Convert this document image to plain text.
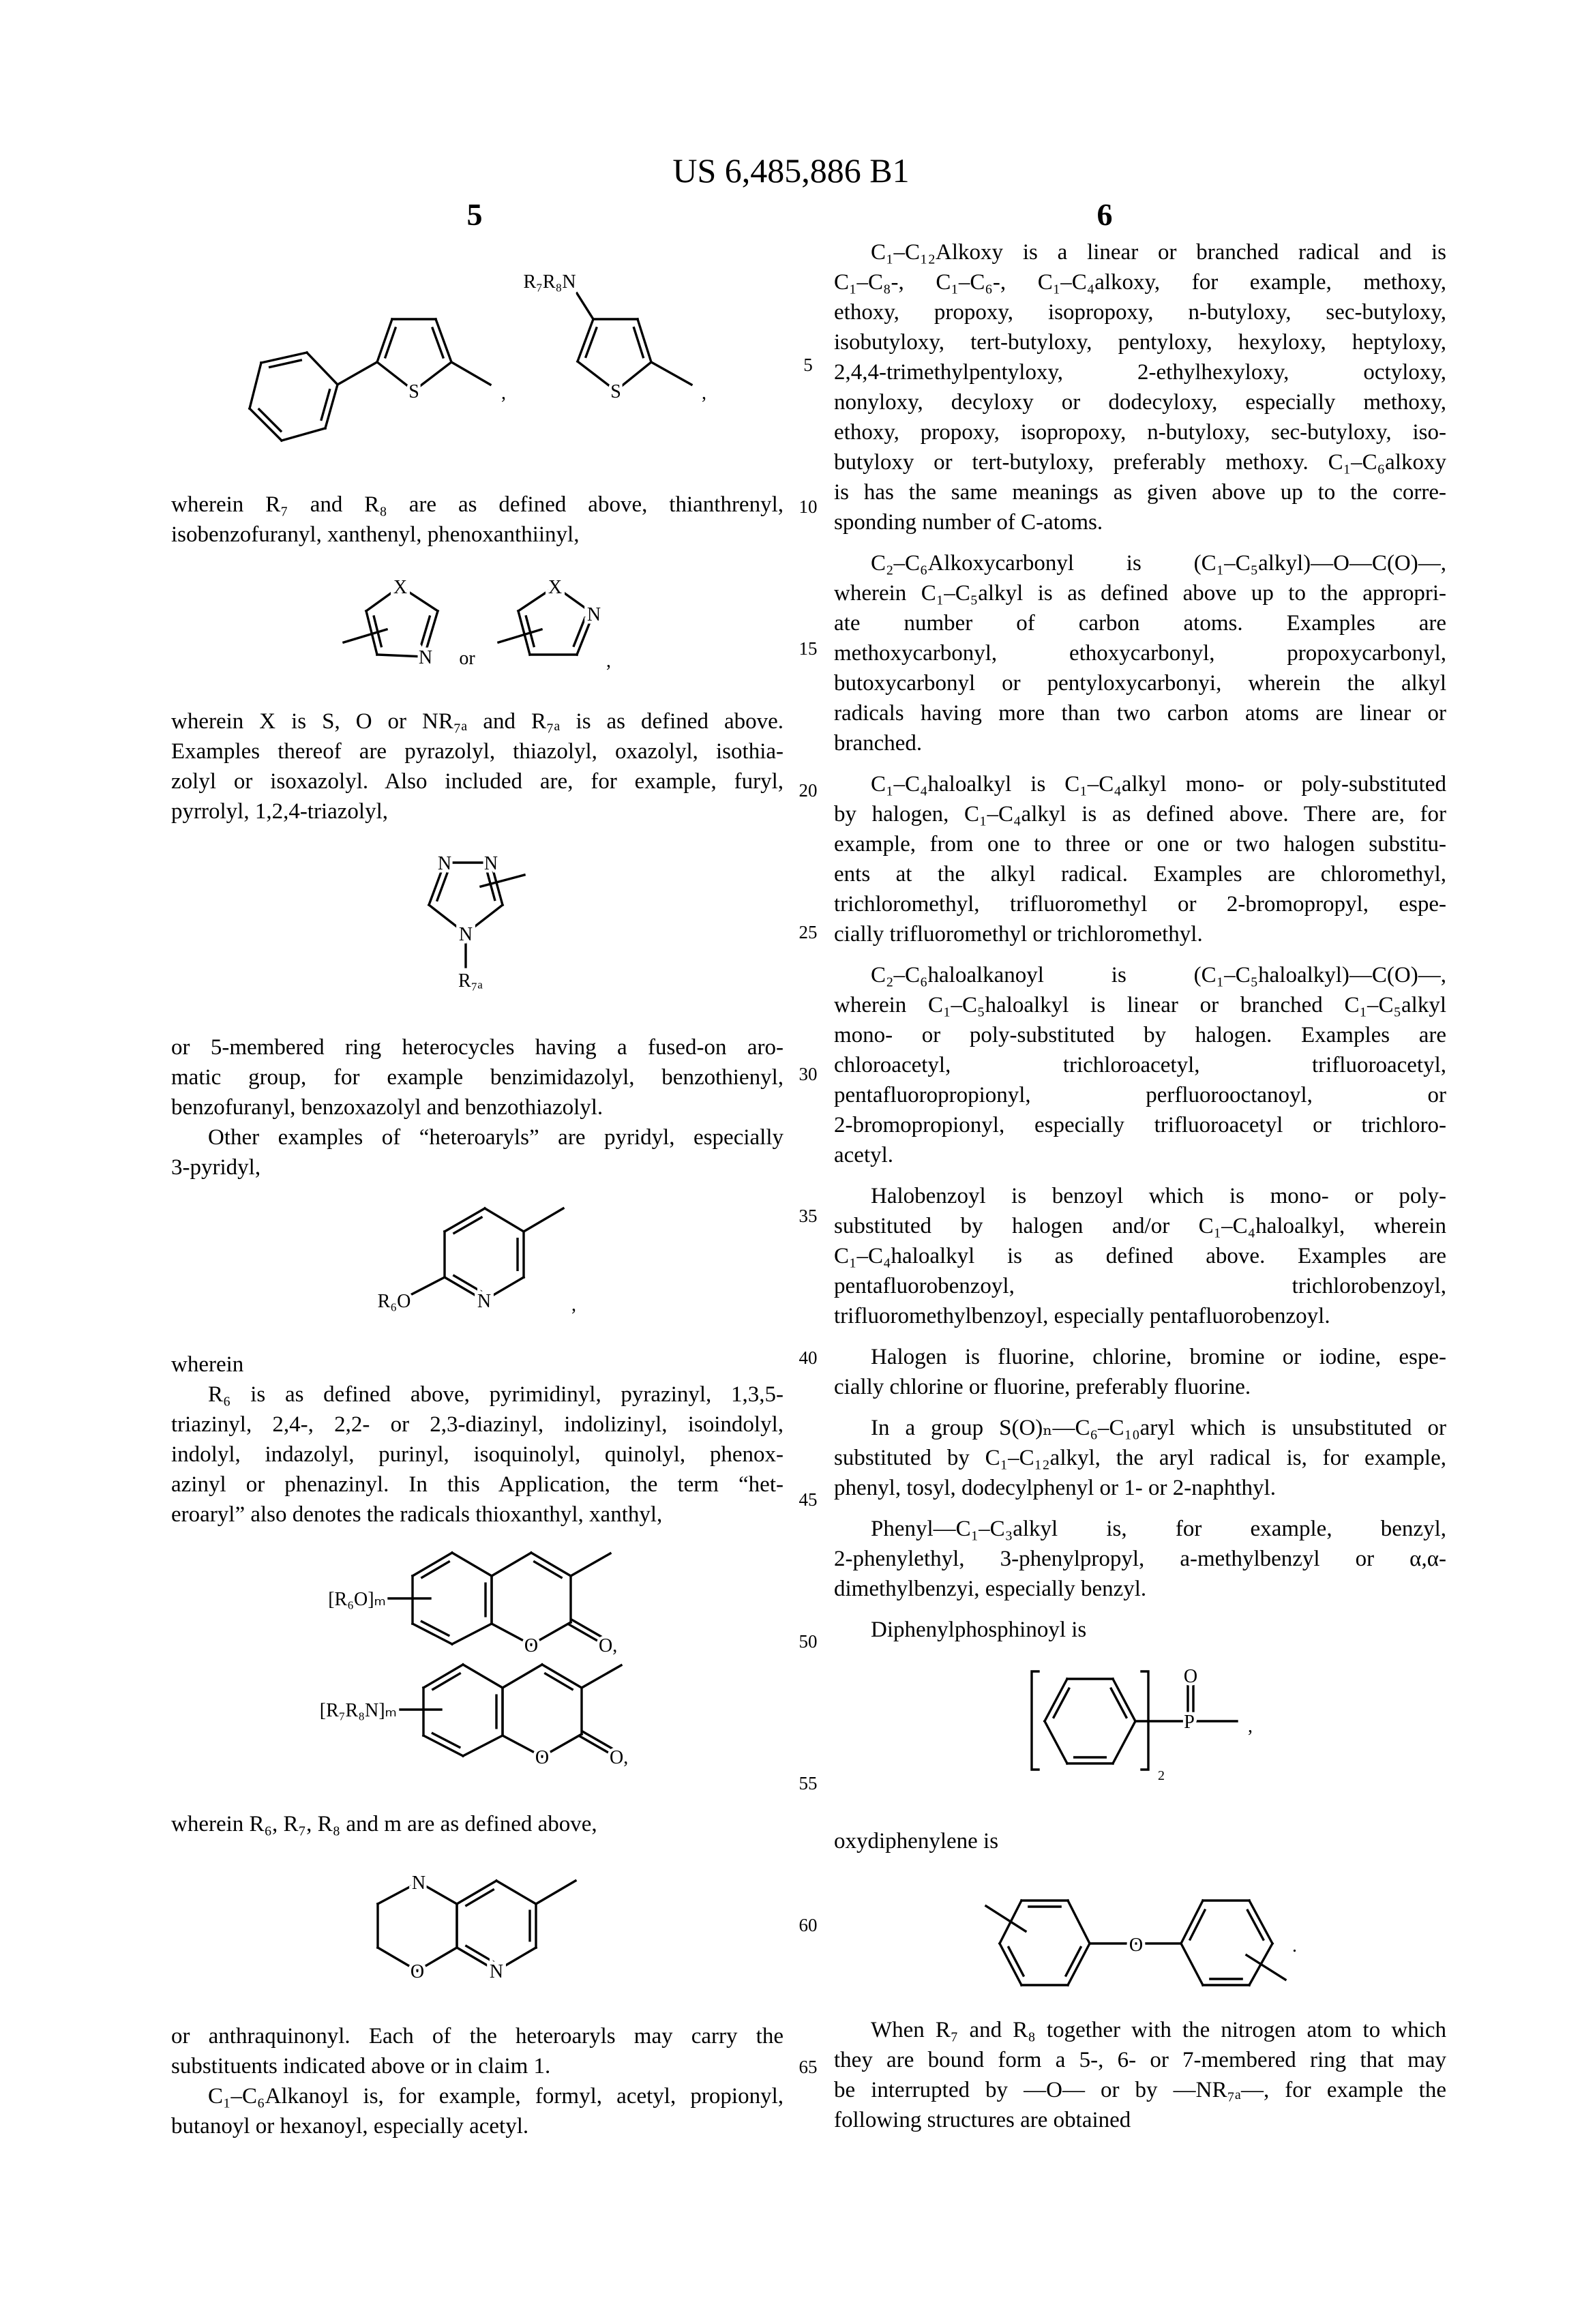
US 6,485,886 B1
5	6
5
10
15
20
25
30
35
40
45
50
55
60
65
wherein R₇ and R₈ are as defined above, thianthrenyl,
isobenzofuranyl, xanthenyl, phenoxanthiinyl,
wherein X is S, O or NR₇ₐ and R₇ₐ is as defined above.
Examples thereof are pyrazolyl, thiazolyl, oxazolyl, isothia-
zolyl or isoxazolyl. Also included are, for example, furyl,
pyrrolyl, 1,2,4-triazolyl,
or 5-membered ring heterocycles having a fused-on aro-
matic group, for example benzimidazolyl, benzothienyl,
benzofuranyl, benzoxazolyl and benzothiazolyl.
Other examples of “heteroaryls” are pyridyl, especially
3-pyridyl,
wherein
R₆ is as defined above, pyrimidinyl, pyrazinyl, 1,3,5-
triazinyl, 2,4-, 2,2- or 2,3-diazinyl, indolizinyl, isoindolyl,
indolyl, indazolyl, purinyl, isoquinolyl, quinolyl, phenox-
azinyl or phenazinyl. In this Application, the term “het-
eroaryl” also denotes the radicals thioxanthyl, xanthyl,
wherein R₆, R₇, R₈ and m are as defined above,
or anthraquinonyl. Each of the heteroaryls may carry the
substituents indicated above or in claim 1.
C₁–C₆Alkanoyl is, for example, formyl, acetyl, propionyl,
butanoyl or hexanoyl, especially acetyl.
C₁–C₁₂Alkoxy is a linear or branched radical and is
C₁–C₈-, C₁–C₆-, C₁–C₄alkoxy, for example, methoxy,
ethoxy, propoxy, isopropoxy, n-butyloxy, sec-butyloxy,
isobutyloxy, tert-butyloxy, pentyloxy, hexyloxy, heptyloxy,
2,4,4-trimethylpentyloxy, 2-ethylhexyloxy, octyloxy,
nonyloxy, decyloxy or dodecyloxy, especially methoxy,
ethoxy, propoxy, isopropoxy, n-butyloxy, sec-butyloxy, iso-
butyloxy or tert-butyloxy, preferably methoxy. C₁–C₆alkoxy
is has the same meanings as given above up to the corre-
sponding number of C-atoms.
C₂–C₆Alkoxycarbonyl is (C₁–C₅alkyl)—O—C(O)—,
wherein C₁–C₅alkyl is as defined above up to the appropri-
ate number of carbon atoms. Examples are
methoxycarbonyl, ethoxycarbonyl, propoxycarbonyl,
butoxycarbonyl or pentyloxycarbonyi, wherein the alkyl
radicals having more than two carbon atoms are linear or
branched.
C₁–C₄haloalkyl is C₁–C₄alkyl mono- or poly-substituted
by halogen, C₁–C₄alkyl is as defined above. There are, for
example, from one to three or one or two halogen substitu-
ents at the alkyl radical. Examples are chloromethyl,
trichloromethyl, trifluoromethyl or 2-bromopropyl, espe-
cially trifluoromethyl or trichloromethyl.
C₂–C₆haloalkanoyl is (C₁–C₅haloalkyl)—C(O)—,
wherein C₁–C₅haloalkyl is linear or branched C₁–C₅alkyl
mono- or poly-substituted by halogen. Examples are
chloroacetyl, trichloroacetyl, trifluoroacetyl,
pentafluoropropionyl, perfluorooctanoyl, or
2-bromopropionyl, especially trifluoroacetyl or trichloro-
acetyl.
Halobenzoyl is benzoyl which is mono- or poly-
substituted by halogen and/or C₁–C₄haloalkyl, wherein
C₁–C₄haloalkyl is as defined above. Examples are
pentafluorobenzoyl, trichlorobenzoyl,
trifluoromethylbenzoyl, especially pentafluorobenzoyl.
Halogen is fluorine, chlorine, bromine or iodine, espe-
cially chlorine or fluorine, preferably fluorine.
In a group S(O)ₙ—C₆–C₁₀aryl which is unsubstituted or
substituted by C₁–C₁₂alkyl, the aryl radical is, for example,
phenyl, tosyl, dodecylphenyl or 1- or 2-naphthyl.
Phenyl—C₁–C₃alkyl is, for example, benzyl,
2-phenylethyl, 3-phenylpropyl, a-methylbenzyl or α,α-
dimethylbenzyi, especially benzyl.
Diphenylphosphinoyl is
oxydiphenylene is
When R₇ and R₈ together with the nitrogen atom to which
they are bound form a 5-, 6- or 7-membered ring that may
be interrupted by —O— or by —NR₇ₐ—, for example the
following structures are obtained
S	,
R₇R₈N
S	,
X
N or
X
N
,
N N
N
R₇ₐ
R₆O	N	,
[R₆O]ₘ
O	O,
[R₇R₈N]ₘ
O	O,
N
O	N
O
P
2
,
O	.
